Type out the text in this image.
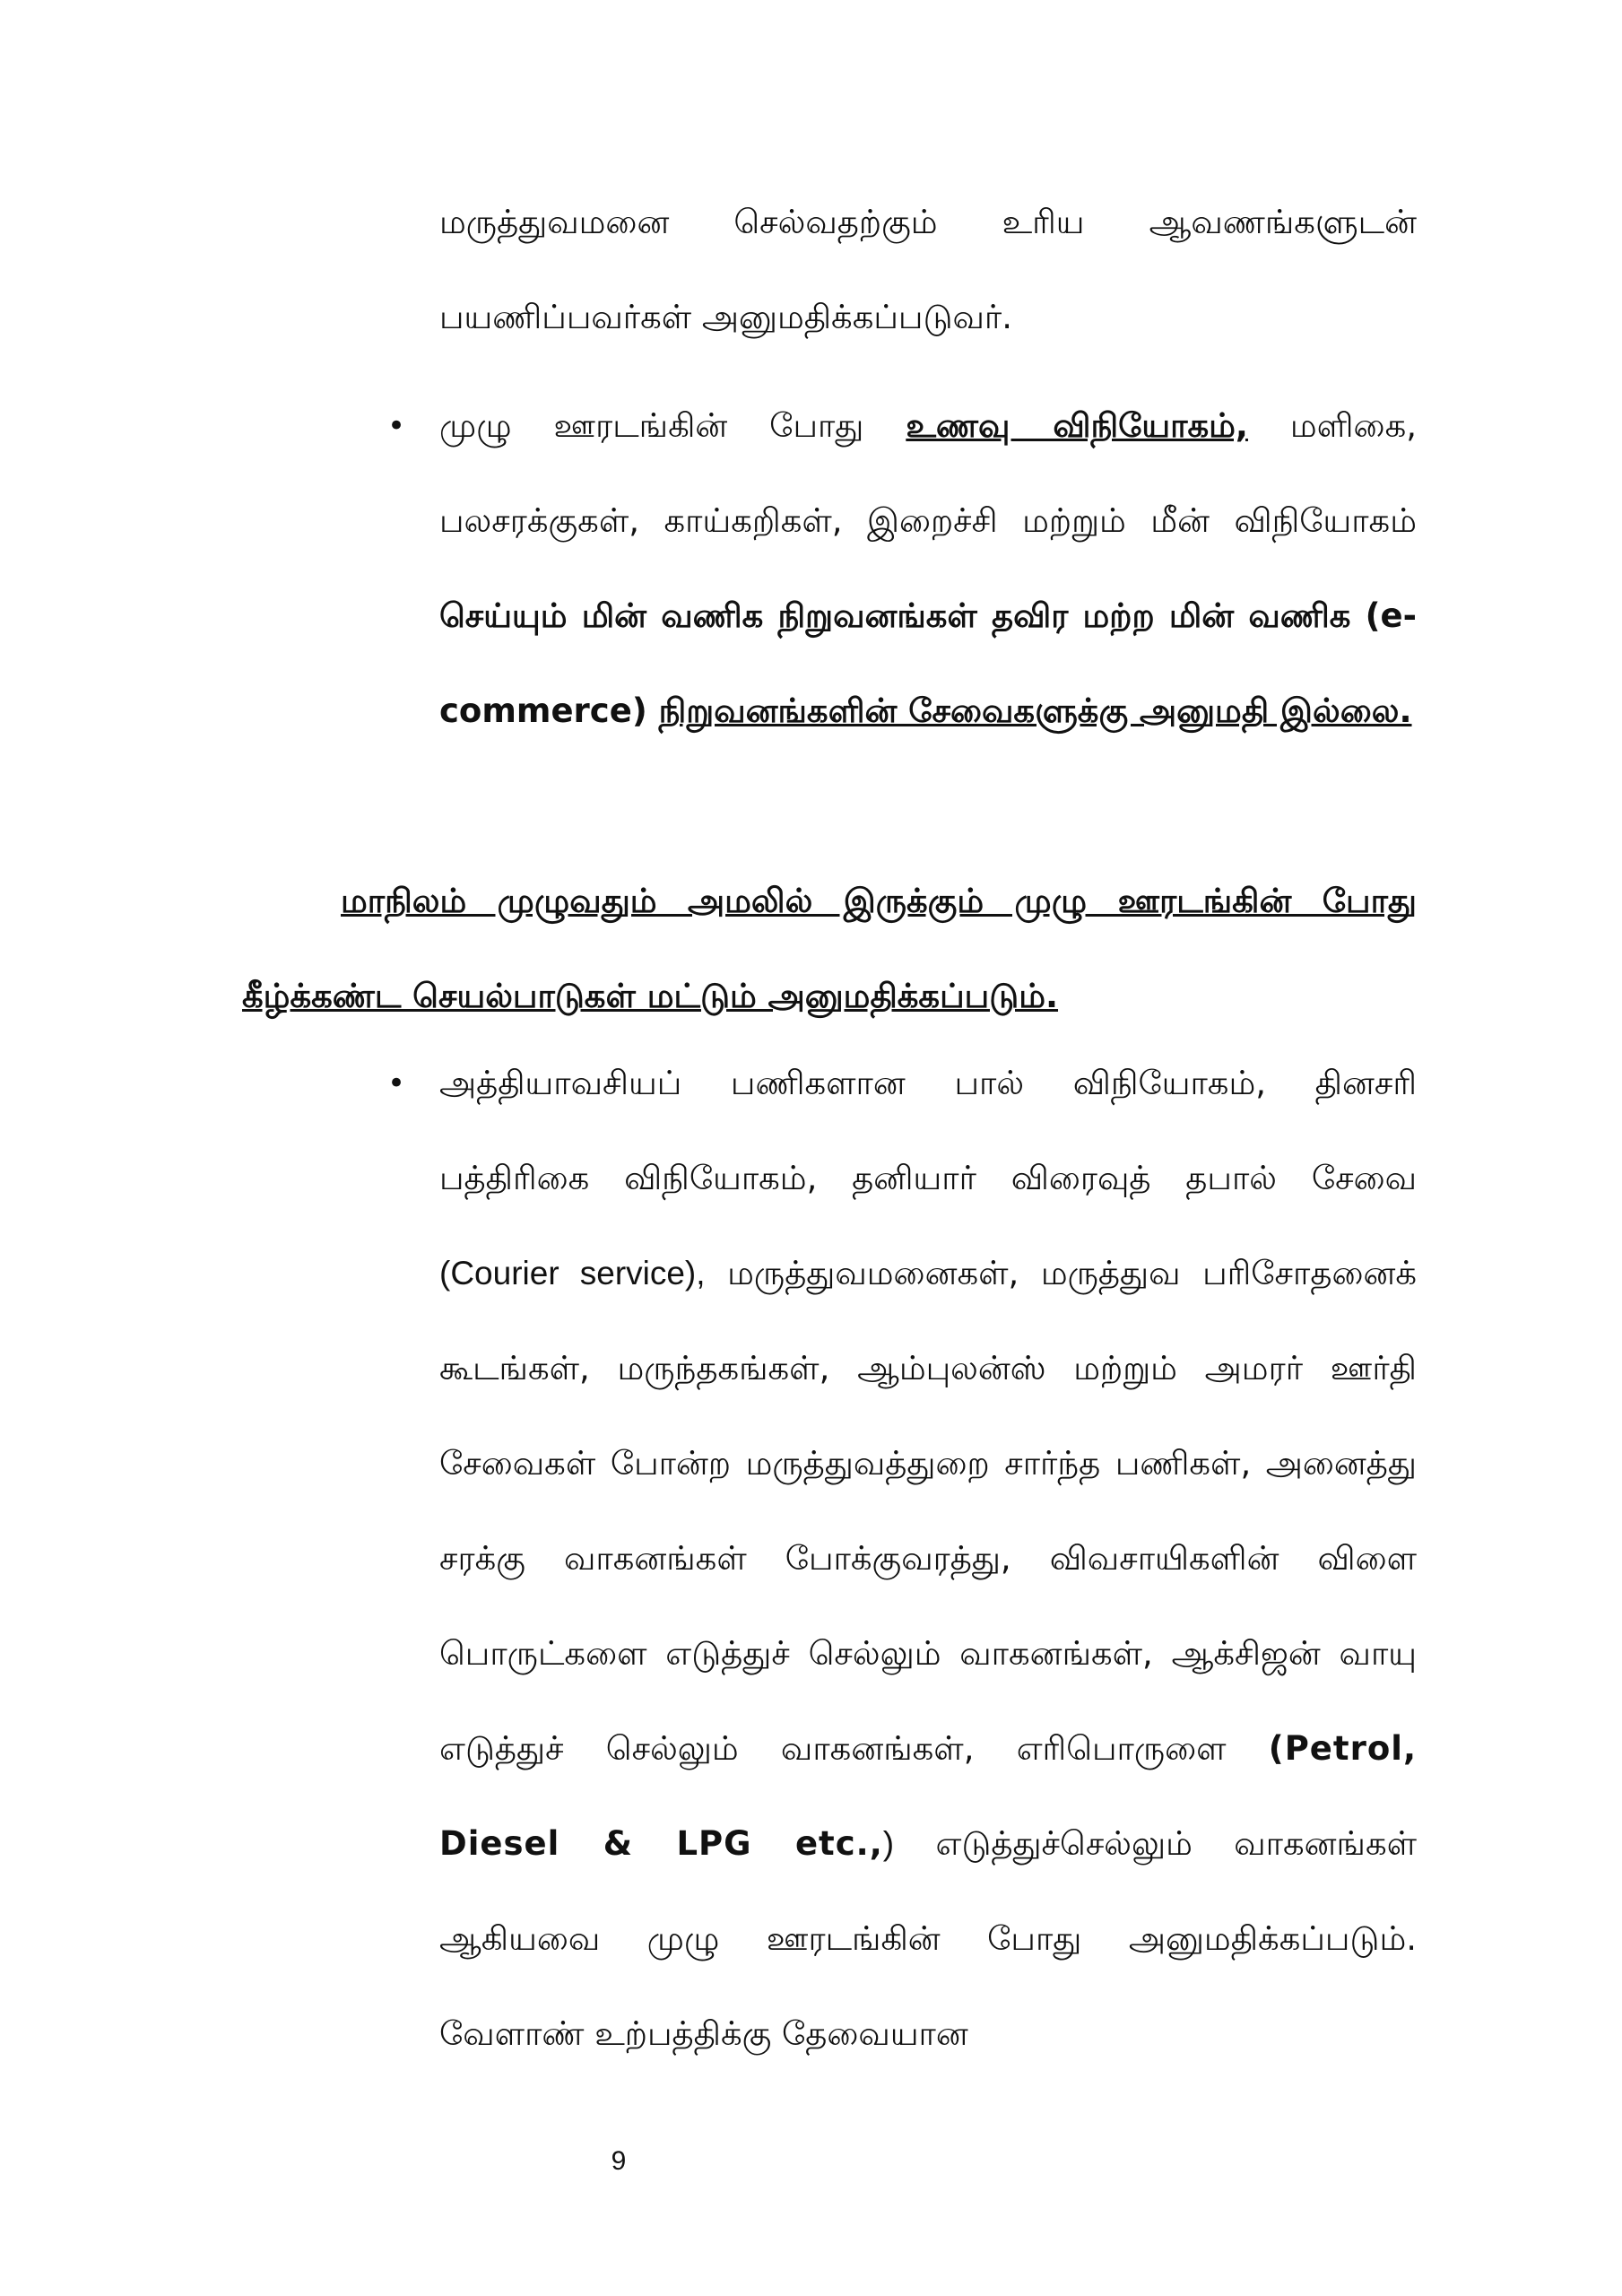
மருத்துவமனை செல்வதற்கும் உரிய ஆவணங்களுடன் பயணிப்பவர்கள் அனுமதிக்கப்படுவர்.
• முழு ஊரடங்கின் போது உணவு விநியோகம், மளிகை, பலசரக்குகள், காய்கறிகள், இறைச்சி மற்றும் மீன் விநியோகம் செய்யும் மின் வணிக நிறுவனங்கள் தவிர மற்ற மின் வணிக (e-commerce) நிறுவனங்களின் சேவைகளுக்கு அனுமதி இல்லை.
மாநிலம் முழுவதும் அமலில் இருக்கும் முழு ஊரடங்கின் போது கீழ்க்கண்ட செயல்பாடுகள் மட்டும் அனுமதிக்கப்படும்.
• அத்தியாவசியப் பணிகளான பால் விநியோகம், தினசரி பத்திரிகை விநியோகம், தனியார் விரைவுத் தபால் சேவை (Courier service), மருத்துவமனைகள், மருத்துவ பரிசோதனைக் கூடங்கள், மருந்தகங்கள், ஆம்புலன்ஸ் மற்றும் அமரர் ஊர்தி சேவைகள் போன்ற மருத்துவத்துறை சார்ந்த பணிகள், அனைத்து சரக்கு வாகனங்கள் போக்குவரத்து, விவசாயிகளின் விளை பொருட்களை எடுத்துச் செல்லும் வாகனங்கள், ஆக்சிஜன் வாயு எடுத்துச் செல்லும் வாகனங்கள், எரிபொருளை (Petrol, Diesel & LPG etc.,) எடுத்துச்செல்லும் வாகனங்கள் ஆகியவை முழு ஊரடங்கின் போது அனுமதிக்கப்படும். வேளாண் உற்பத்திக்கு தேவையான
9
